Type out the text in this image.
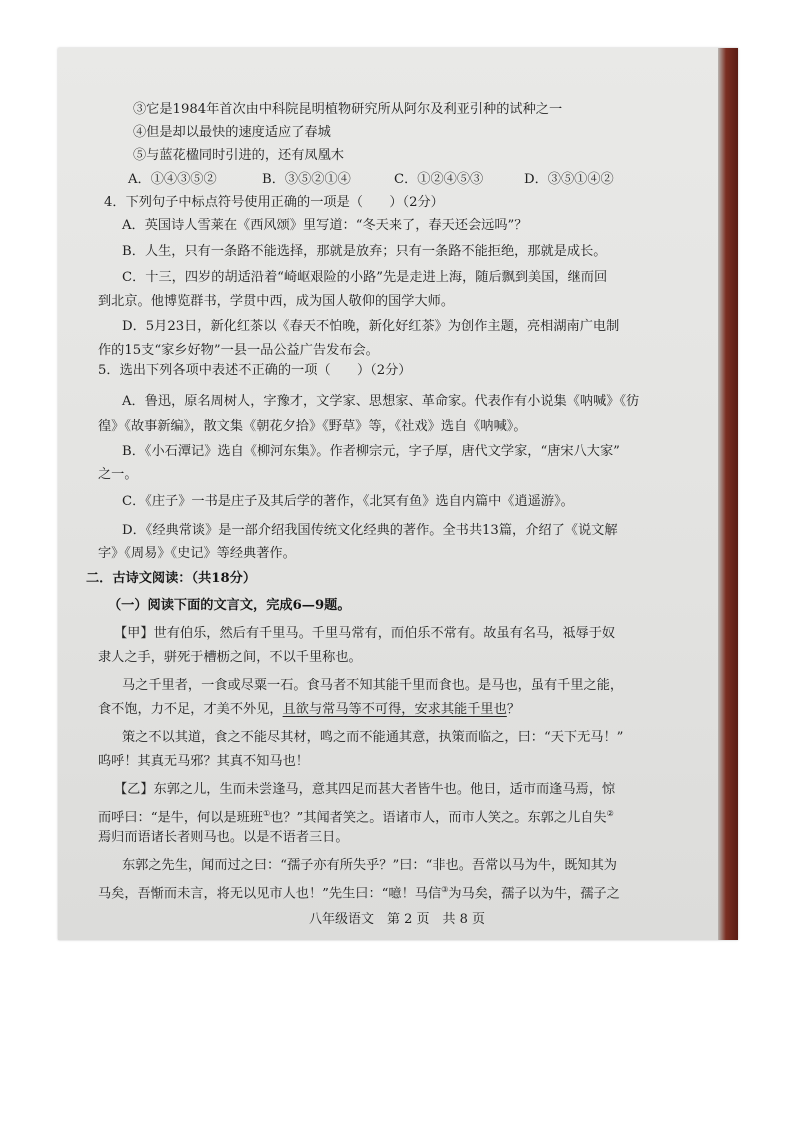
③它是1984年首次由中科院昆明植物研究所从阿尔及利亚引种的试种之一
④但是却以最快的速度适应了春城
⑤与蓝花楹同时引进的，还有凤凰木
A．①④③⑤②	B．③⑤②①④	C．①②④⑤③	D．③⑤①④②
4．下列句子中标点符号使用正确的一项是（　　）（2分）
A．英国诗人雪莱在《西风颂》里写道：“冬天来了，春天还会远吗”？
B．人生，只有一条路不能选择，那就是放弃；只有一条路不能拒绝，那就是成长。
C．十三，四岁的胡适沿着“崎岖艰险的小路”先是走进上海，随后飘到美国，继而回
到北京。他博览群书，学贯中西，成为国人敬仰的国学大师。
D．5月23日，新化红茶以《春天不怕晚，新化好红茶》为创作主题，亮相湖南广电制
作的15支“家乡好物”一县一品公益广告发布会。
5．选出下列各项中表述不正确的一项（　　）（2分）
A．鲁迅，原名周树人，字豫才，文学家、思想家、革命家。代表作有小说集《呐喊》《彷
徨》《故事新编》，散文集《朝花夕拾》《野草》等，《社戏》选自《呐喊》。
B．《小石潭记》选自《柳河东集》。作者柳宗元，字子厚，唐代文学家，“唐宋八大家”
之一。
C．《庄子》一书是庄子及其后学的著作，《北冥有鱼》选自内篇中《逍遥游》。
D．《经典常谈》是一部介绍我国传统文化经典的著作。全书共13篇，介绍了《说文解
字》《周易》《史记》等经典著作。
二．古诗文阅读：（共18分）
（一）阅读下面的文言文，完成6—9题。
【甲】世有伯乐，然后有千里马。千里马常有，而伯乐不常有。故虽有名马，祗辱于奴
隶人之手，骈死于槽枥之间，不以千里称也。
马之千里者，一食或尽粟一石。食马者不知其能千里而食也。是马也，虽有千里之能，
食不饱，力不足，才美不外见，且欲与常马等不可得，安求其能千里也？
策之不以其道，食之不能尽其材，鸣之而不能通其意，执策而临之，曰：“天下无马！”
呜呼！其真无马邪？其真不知马也！
【乙】东郭之儿，生而未尝逢马，意其四足而甚大者皆牛也。他日，适市而逢马焉，惊
而呼曰：“是牛，何以是班班①也？”其闻者笑之。语诸市人，而市人笑之。东郭之儿自失②
焉归而语诸长者则马也。以是不语者三日。
东郭之先生，闻而过之曰：“孺子亦有所失乎？”曰：“非也。吾常以马为牛，既知其为
马矣，吾惭而未言，将无以见市人也！”先生曰：“噫！马信③为马矣，孺子以为牛，孺子之
八年级语文　第 2 页　共 8 页
